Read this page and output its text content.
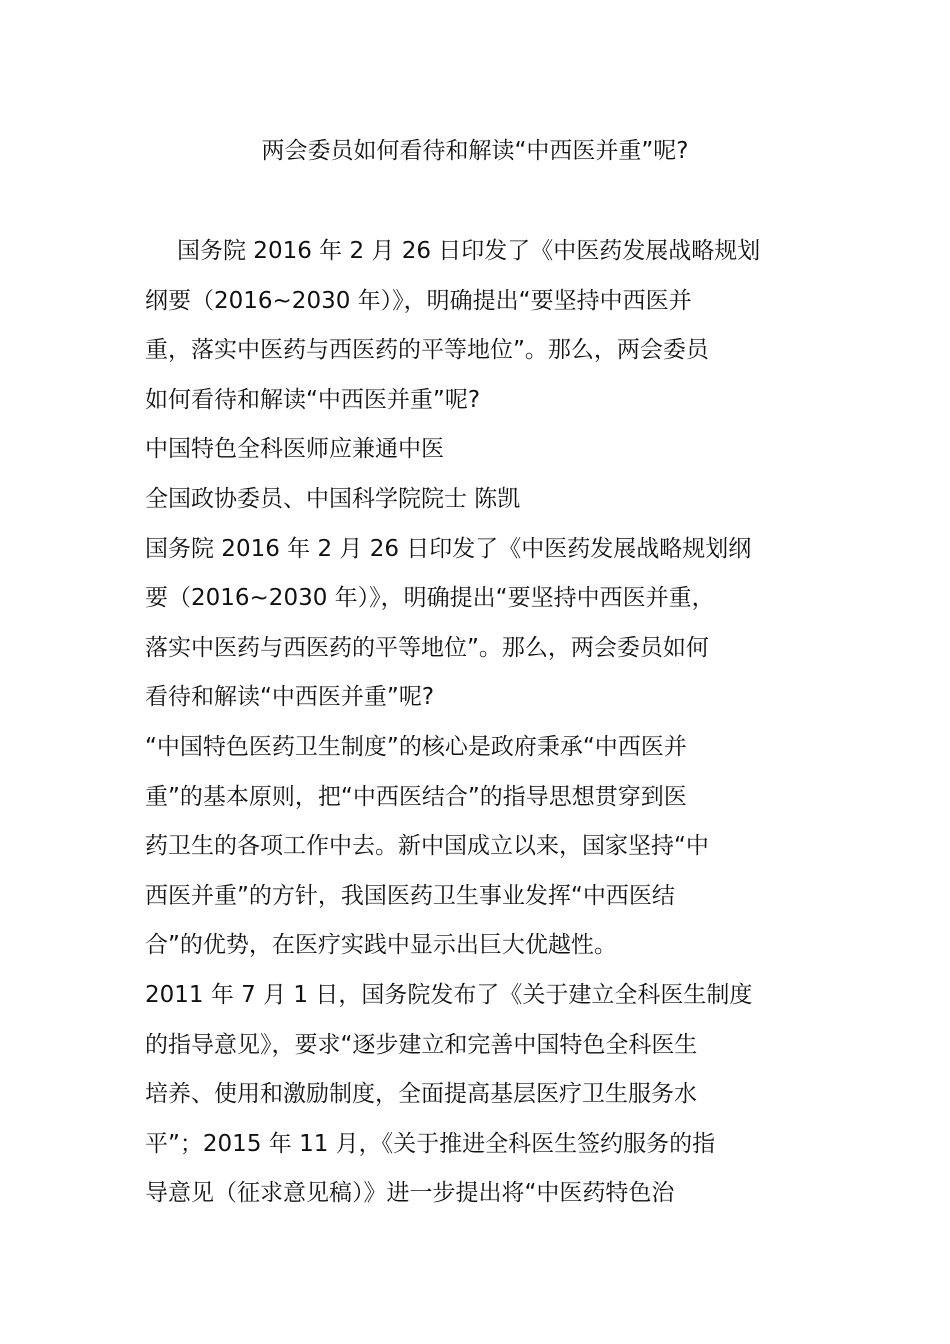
两会委员如何看待和解读“中西医并重”呢?
国务院 2016 年 2 月 26 日印发了《中医药发展战略规划
纲要（2016~2030 年）》，明确提出“要坚持中西医并
重，落实中医药与西医药的平等地位”。那么，两会委员
如何看待和解读“中西医并重”呢?
中国特色全科医师应兼通中医
全国政协委员、中国科学院院士 陈凯
国务院 2016 年 2 月 26 日印发了《中医药发展战略规划纲
要（2016~2030 年）》，明确提出“要坚持中西医并重，
落实中医药与西医药的平等地位”。那么，两会委员如何
看待和解读“中西医并重”呢?
“中国特色医药卫生制度”的核心是政府秉承“中西医并
重”的基本原则，把“中西医结合”的指导思想贯穿到医
药卫生的各项工作中去。新中国成立以来，国家坚持“中
西医并重”的方针，我国医药卫生事业发挥“中西医结
合”的优势，在医疗实践中显示出巨大优越性。
2011 年 7 月 1 日，国务院发布了《关于建立全科医生制度
的指导意见》，要求“逐步建立和完善中国特色全科医生
培养、使用和激励制度，全面提高基层医疗卫生服务水
平”；2015 年 11 月，《关于推进全科医生签约服务的指
导意见（征求意见稿）》进一步提出将“中医药特色治
